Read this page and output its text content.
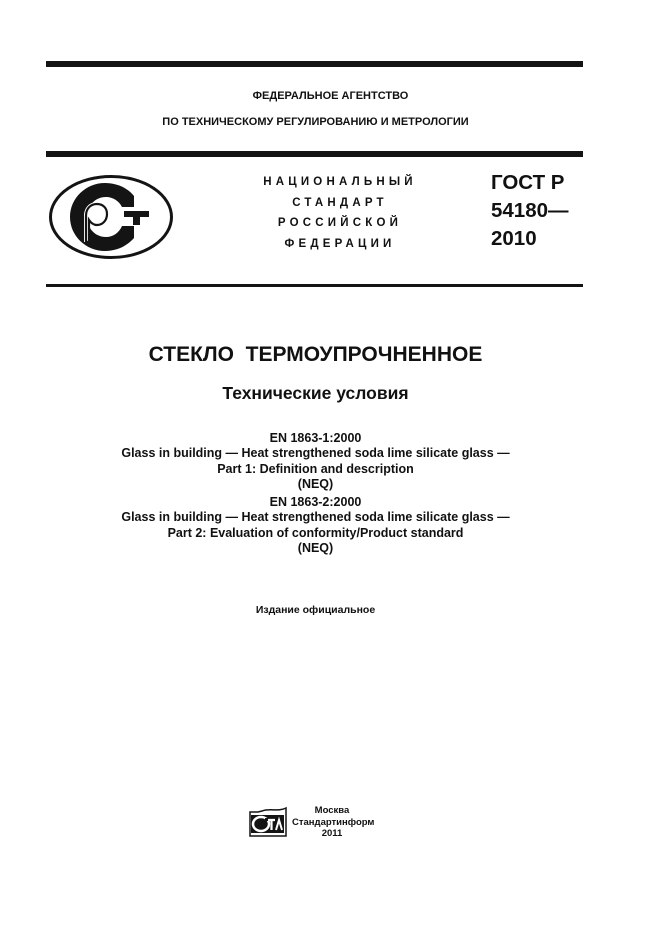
ФЕДЕРАЛЬНОЕ АГЕНТСТВО
ПО ТЕХНИЧЕСКОМУ РЕГУЛИРОВАНИЮ И МЕТРОЛОГИИ
НАЦИОНАЛЬНЫЙ
СТАНДАРТ
РОССИЙСКОЙ
ФЕДЕРАЦИИ
ГОСТ Р
54180—
2010
СТЕКЛО  ТЕРМОУПРОЧНЕННОЕ
Технические условия
EN 1863-1:2000
Glass in building — Heat strengthened soda lime silicate glass —
Part 1: Definition and description
(NEQ)
EN 1863-2:2000
Glass in building — Heat strengthened soda lime silicate glass —
Part 2: Evaluation of conformity/Product standard
(NEQ)
Издание официальное
Москва
Стандартинформ
2011
